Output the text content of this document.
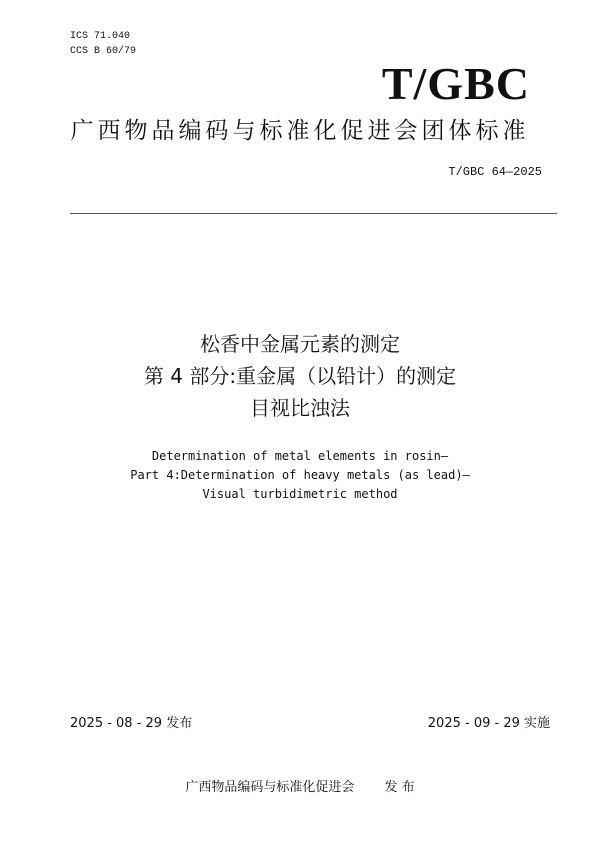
ICS 71.040
CCS B 60/79
T/GBC
广西物品编码与标准化促进会团体标准
T/GBC 64—2025
松香中金属元素的测定
第 4 部分:重金属（以铅计）的测定
目视比浊法
Determination of metal elements in rosin—
Part 4:Determination of heavy metals (as lead)—
Visual turbidimetric method
2025 - 08 - 29 发布	2025 - 09 - 29 实施
广西物品编码与标准化促进会 发 布
